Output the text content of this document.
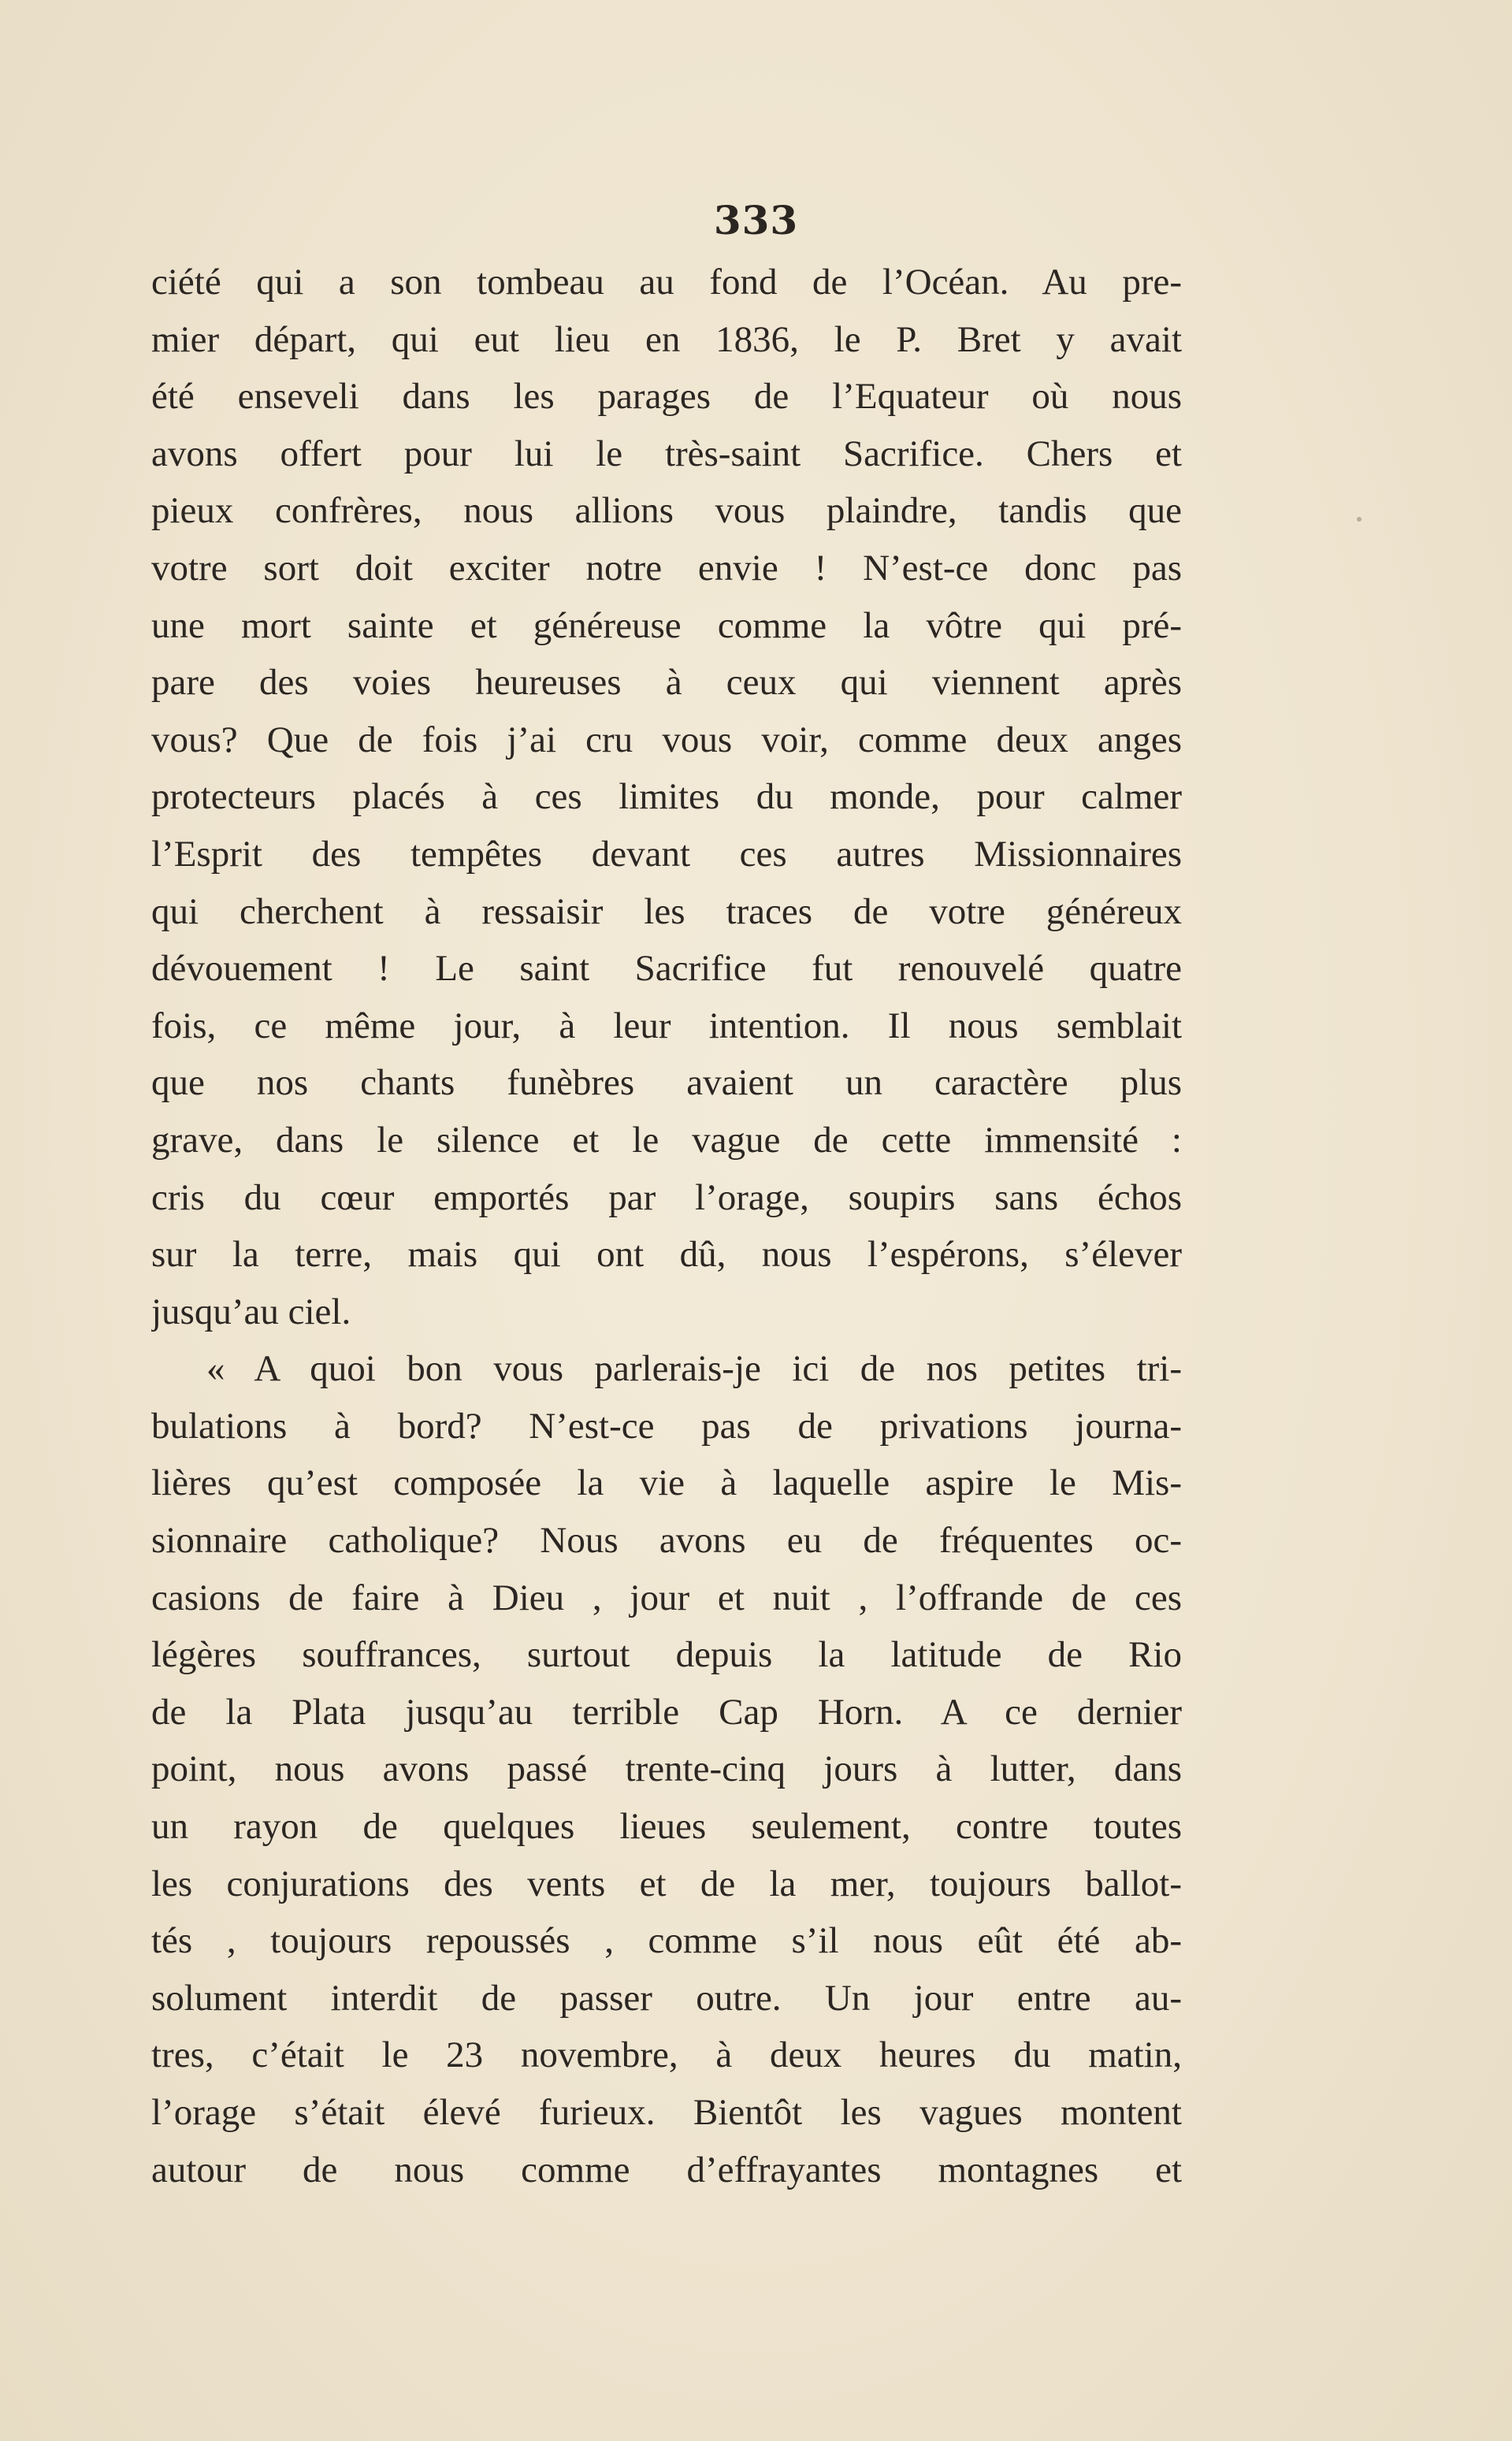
333
ciété qui a son tombeau au fond de l’Océan. Au pre-
mier départ, qui eut lieu en 1836, le P. Bret y avait
été enseveli dans les parages de l’Equateur où nous
avons offert pour lui le très-saint Sacrifice. Chers et
pieux confrères, nous allions vous plaindre, tandis que
votre sort doit exciter notre envie ! N’est-ce donc pas
une mort sainte et généreuse comme la vôtre qui pré-
pare des voies heureuses à ceux qui viennent après
vous? Que de fois j’ai cru vous voir, comme deux anges
protecteurs placés à ces limites du monde, pour calmer
l’Esprit des tempêtes devant ces autres Missionnaires
qui cherchent à ressaisir les traces de votre généreux
dévouement ! Le saint Sacrifice fut renouvelé quatre
fois, ce même jour, à leur intention. Il nous semblait
que nos chants funèbres avaient un caractère plus
grave, dans le silence et le vague de cette immensité :
cris du cœur emportés par l’orage, soupirs sans échos
sur la terre, mais qui ont dû, nous l’espérons, s’élever
jusqu’au ciel.
« A quoi bon vous parlerais-je ici de nos petites tri-
bulations à bord? N’est-ce pas de privations journa-
lières qu’est composée la vie à laquelle aspire le Mis-
sionnaire catholique? Nous avons eu de fréquentes oc-
casions de faire à Dieu , jour et nuit , l’offrande de ces
légères souffrances, surtout depuis la latitude de Rio
de la Plata jusqu’au terrible Cap Horn. A ce dernier
point, nous avons passé trente-cinq jours à lutter, dans
un rayon de quelques lieues seulement, contre toutes
les conjurations des vents et de la mer, toujours ballot-
tés , toujours repoussés , comme s’il nous eût été ab-
solument interdit de passer outre. Un jour entre au-
tres, c’était le 23 novembre, à deux heures du matin,
l’orage s’était élevé furieux. Bientôt les vagues montent
autour de nous comme d’effrayantes montagnes et
